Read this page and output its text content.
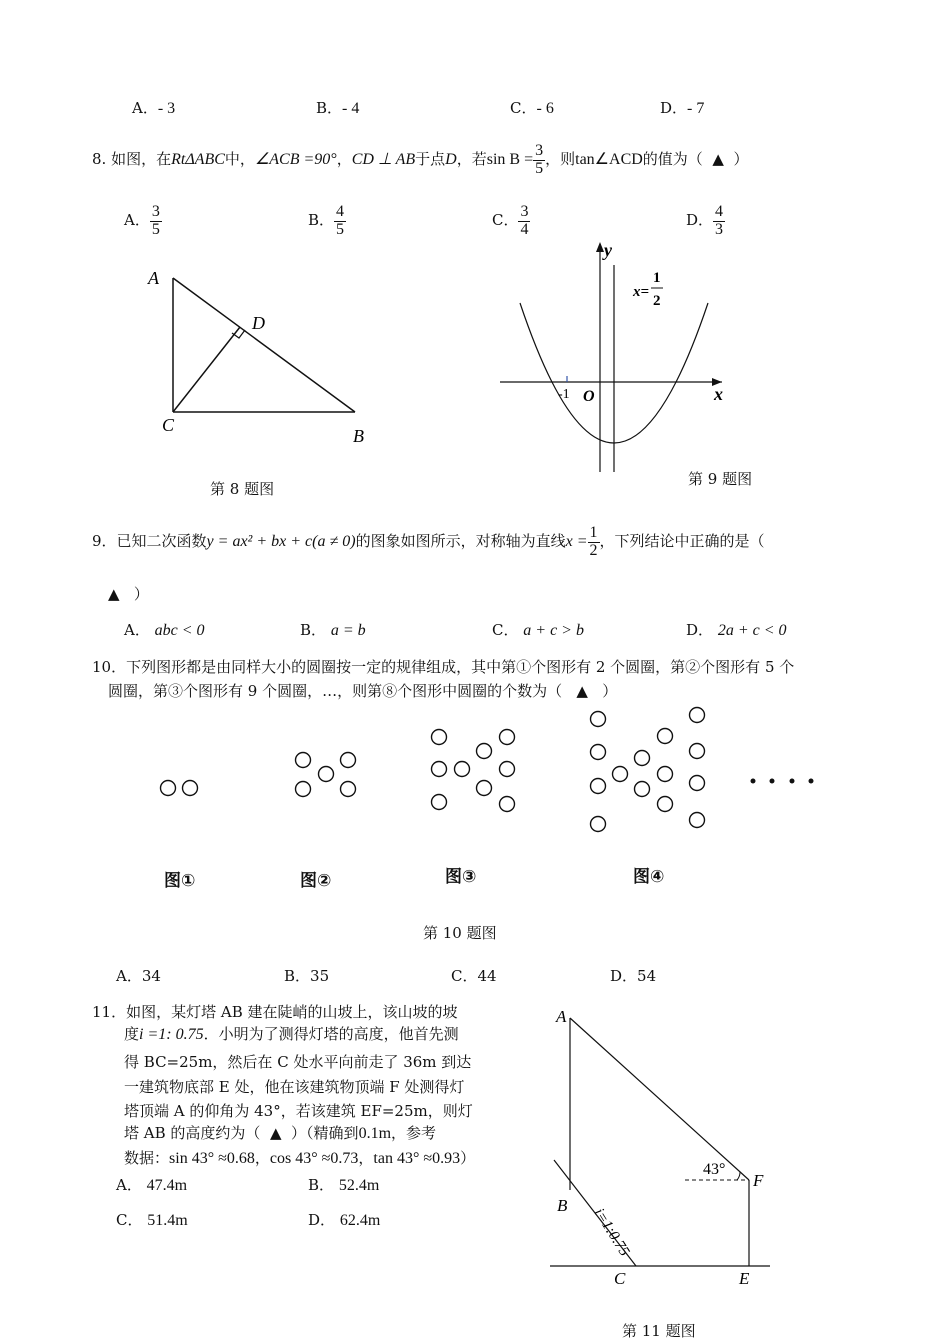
A．- 3	B．- 4	C．- 6	D．- 7
8. 如图，在RtΔABC中，∠ACB =90°，CD ⊥ AB于点D，若$\sin B = \frac{3}{5}$ ，则tan∠ACD的值为（ ▲ ）
A． $\frac{3}{5}$	B． $\frac{4}{5}$	C． $\frac{3}{4}$	D． $\frac{4}{3}$
A
D
C
B
第 8 题图
y
x
O
-1
x=
1
2
第 9 题图
9．已知二次函数y = ax² + bx + c(a ≠ 0)的图象如图所示，对称轴为直线$x = \frac{1}{2}$ ，下列结论中正确的是（
▲ ）
A． abc < 0	B． a = b	C． a + c > b	D． 2a + c < 0
10．下列图形都是由同样大小的圆圈按一定的规律组成，其中第①个图形有 2 个圆圈，第②个图形有 5 个
圆圈，第③个图形有 9 个圆圈，…，则第⑧个图形中圆圈的个数为（ ▲ ）
图①	图②	图③	图④
第 10 题图
A．34	B．35	C．44	D．54
11．如图，某灯塔 AB 建在陡峭的山坡上，该山坡的坡
度i =1: 0.75．小明为了测得灯塔的高度，他首先测
得 BC=25m，然后在 C 处水平向前走了 36m 到达
一建筑物底部 E 处，他在该建筑物顶端 F 处测得灯
塔顶端 A 的仰角为 43°，若该建筑 EF=25m，则灯
塔 AB 的高度约为（ ▲ ）（精确到0.1m，参考
数据：sin 43° ≈0.68，cos 43° ≈0.73，tan 43° ≈0.93）
A． 47.4m	B． 52.4m
C． 51.4m	D． 62.4m
A
B
C	E
F
43°
i=1:0.75
第 11 题图
